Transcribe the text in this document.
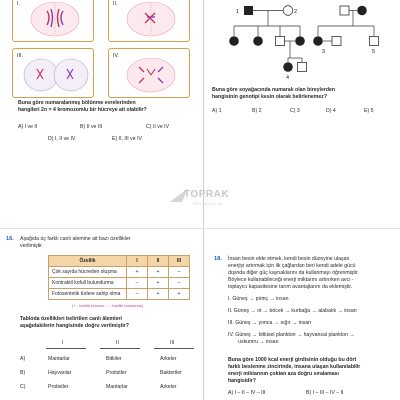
TOPRAK
YAYINCILIK
I.	II.
III.	IV.
Buna göre numaralanmış bölünme evrelerinden
hangileri 2n = 4 kromozomlu bir hücreye ait olabilir?
A) I ve II	B) II ve III	C) II ve IV
D) I, II ve IV	E) II, III ve IV
1	2
3
4
5
Buna göre soyağacında numaralı olan bireylerden
hangisinin genotipi kesin olarak belirlenemez?
A) 1	B) 2	C) 3	D) 4	E) 5
16. Aşağıda üç farklı canlı alemine ait bazı özellikler
verilmiştir.
Özellik	I	II	III
Çok sayıda hücreden oluşma	+	+	–
Kontraktil kofull bulundurma	–	+	–
Fotosentetik türlere sahip olma	–	+	+
(+ : özellik bulunur, – : özellik bulunmaz)
Tabloda özellikleri belirtilen canlı âlemleri
aşağıdakilerin hangisinde doğru verilmiştir?
I	II	III
A)	Mantarlar	Bitkiler	Arkeler
B)	Hayvanlar	Protistler	Bakteriler
C)	Protistler	Mantarlar	Arkeler
18. İnsan besin elde etmek, kendi besin düzeyine ulaşan
enerjiyi artırmak için ilk çağlardan beri kendi adele gücü
dışında diğer güç kaynaklarını da kullanmayı öğrenmiştir.
Böylece kullanabileceği enerji miktarını artırırken avcı -
toplayıcı kapasitesine tarım avantajlarını da eklemiştir.
I. Güneş → pirinç → insan
II. Güneş → ot → böcek → kurbağa → alabalık → insan
III. Güneş → yonca → sığır → insan
IV. Güneş → bitkisel plankton → hayvansal plankton →
uskumru → insan
Buna göre 1000 kcal enerji girdisinin olduğu bu dört
farklı beslenme zincirinde, insana ulaşan kullanılabilir
enerji miktarının çoktan aza doğru sıralaması
hangisidir?
A) I – II – IV – III	B) I – III – IV – II
